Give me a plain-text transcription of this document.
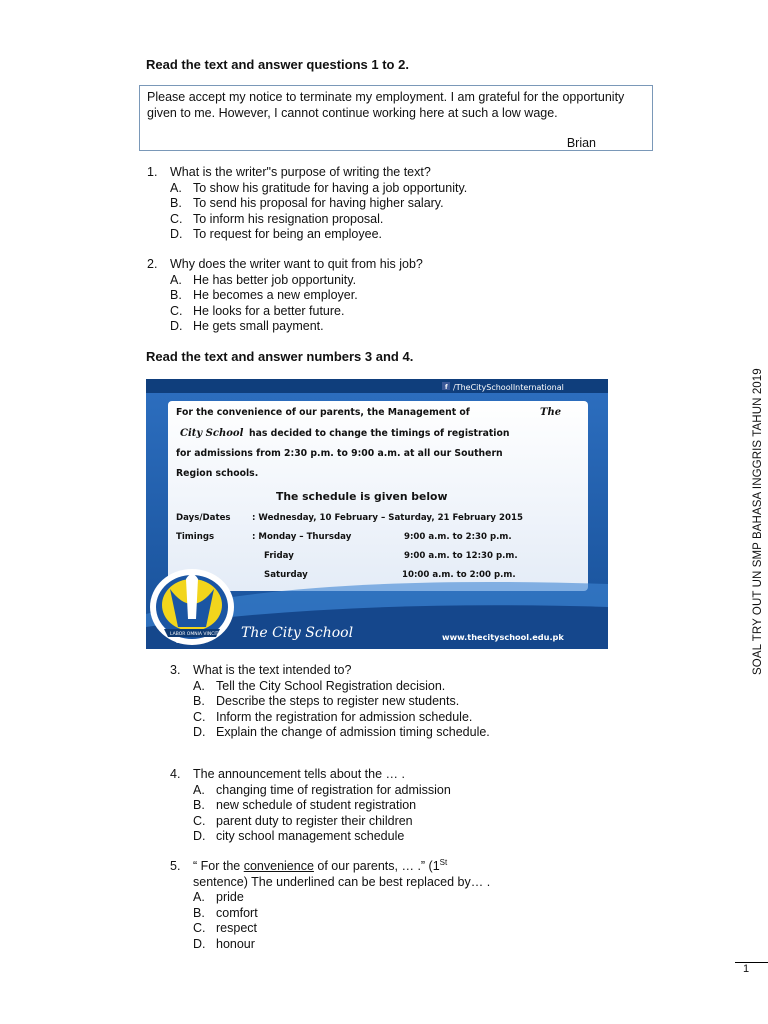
Read the text and answer questions 1 to 2.
Please accept my notice to terminate my employment. I am grateful for the opportunity given to me. However, I cannot continue working here at such a low wage.
Brian
1. What is the writer"s purpose of writing the text?
A. To show his gratitude for having a job opportunity.
B. To send his proposal for having higher salary.
C. To inform his resignation proposal.
D. To request for being an employee.
2. Why does the writer want to quit from his job?
A. He has better job opportunity.
B. He becomes a new employer.
C. He looks for a better future.
D. He gets small payment.
Read the text and answer numbers 3 and 4.
f /TheCitySchoolInternational
For the convenience of our parents, the Management of	The
City School has decided to change the timings of registration
for admissions from 2:30 p.m. to 9:00 a.m. at all our Southern
Region schools.
The schedule is given below
Days/Dates : Wednesday, 10 February – Saturday, 21 February 2015
Timings	: Monday – Thursday	9:00 a.m. to 2:30 p.m.
Friday	9:00 a.m. to 12:30 p.m.
Saturday	10:00 a.m. to 2:00 p.m.
LABOR OMNIA VINCIT
Since 1978
The City School	www.thecityschool.edu.pk
3. What is the text intended to?
A. Tell the City School Registration decision.
B. Describe the steps to register new students.
C. Inform the registration for admission schedule.
D. Explain the change of admission timing schedule.
4. The announcement tells about the … .
A. changing time of registration for admission
B. new schedule of student registration
C. parent duty to register their children
D. city school management schedule
5. “ For the convenience of our parents, … .” (1St
sentence) The underlined can be best replaced by… .
A. pride
B. comfort
C. respect
D. honour
SOAL TRY OUT UN SMP BAHASA INGGRIS TAHUN 2019
1
